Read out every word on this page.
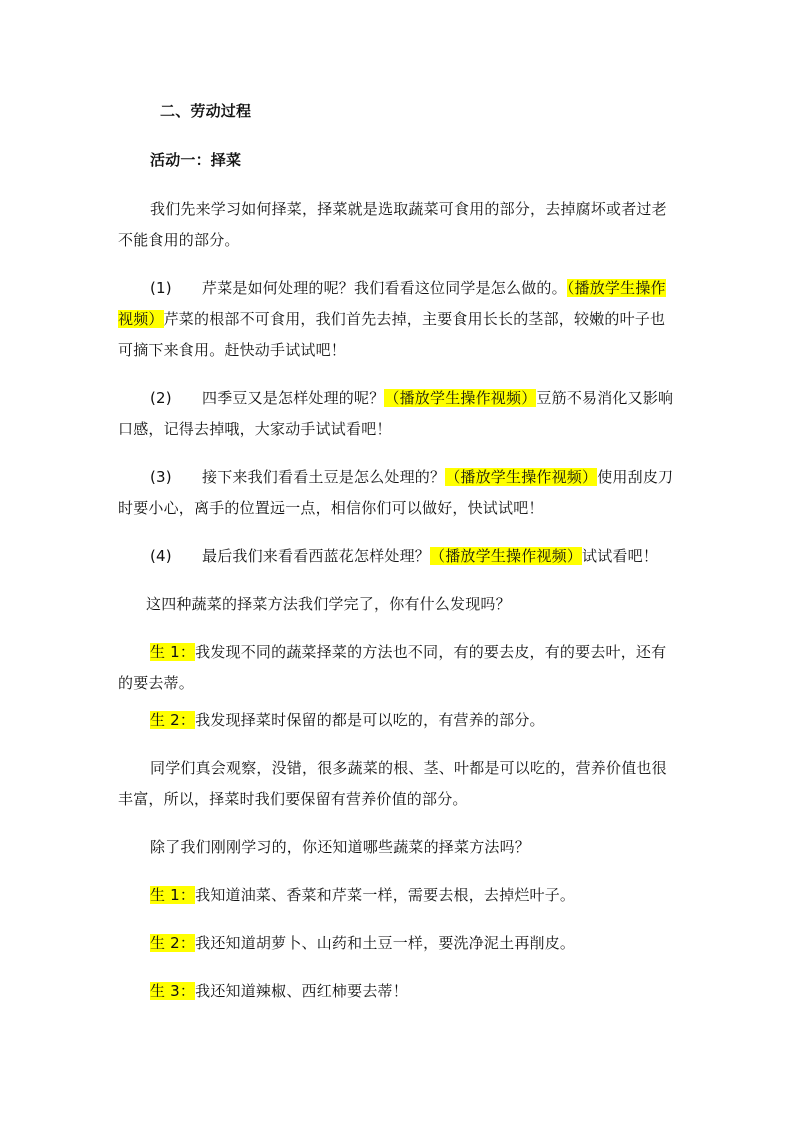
二、劳动过程
活动一：择菜

我们先来学习如何择菜，择菜就是选取蔬菜可食用的部分，去掉腐坏或者过老不能食用的部分。

(1) 芹菜是如何处理的呢？我们看看这位同学是怎么做的。（播放学生操作视频）芹菜的根部不可食用，我们首先去掉，主要食用长长的茎部，较嫩的叶子也可摘下来食用。赶快动手试试吧！

(2) 四季豆又是怎样处理的呢？（播放学生操作视频）豆筋不易消化又影响口感，记得去掉哦，大家动手试试看吧！

(3) 接下来我们看看土豆是怎么处理的？（播放学生操作视频）使用刮皮刀时要小心，离手的位置远一点，相信你们可以做好，快试试吧！

(4) 最后我们来看看西蓝花怎样处理？（播放学生操作视频）试试看吧！

这四种蔬菜的择菜方法我们学完了，你有什么发现吗？

生 1：我发现不同的蔬菜择菜的方法也不同，有的要去皮，有的要去叶，还有的要去蒂。

生 2：我发现择菜时保留的都是可以吃的，有营养的部分。

同学们真会观察，没错，很多蔬菜的根、茎、叶都是可以吃的，营养价值也很丰富，所以，择菜时我们要保留有营养价值的部分。

除了我们刚刚学习的，你还知道哪些蔬菜的择菜方法吗？

生 1：我知道油菜、香菜和芹菜一样，需要去根，去掉烂叶子。

生 2：我还知道胡萝卜、山药和土豆一样，要洗净泥土再削皮。

生 3：我还知道辣椒、西红柿要去蒂！
